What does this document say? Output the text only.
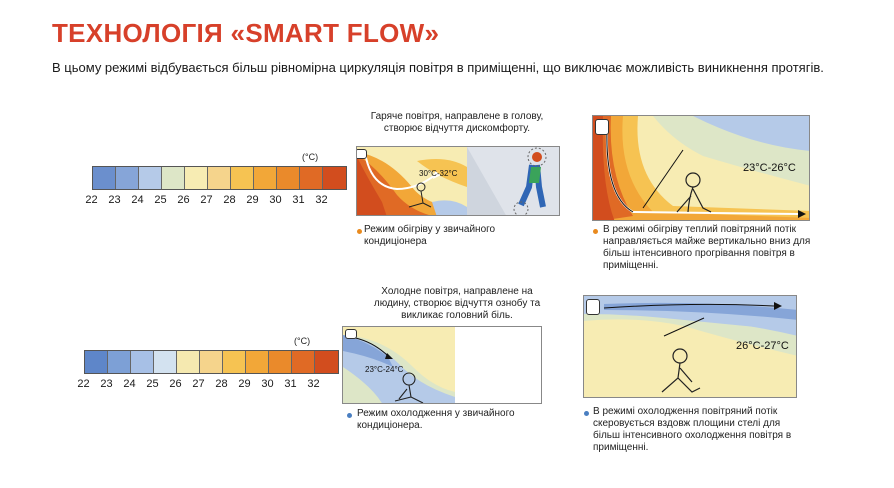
ТЕХНОЛОГІЯ «SMART FLOW»
В цьому режимі відбувається більш рівномірна циркуляція повітря в приміщенні, що виключає можливість виникнення протягів.
(°C)
22 23 24 25 26 27 28 29 30 31 32
(°C)
22 23 24 25 26 27 28 29 30 31 32
Гаряче повітря, направлене в голову, створює відчуття дискомфорту.
30°C-32°C
Режим обігріву у звичайного кондиціонера
23°C-26°C
В режимі обігріву теплий повітряний потік направляється майже вертикально вниз для більш інтенсивного прогрівання повітря в приміщенні.
Холодне повітря, направлене на людину, створює відчуття ознобу та викликає головний біль.
23°C-24°C
Режим охолодження у звичайного кондиціонера.
26°C-27°C
В режимі охолодження повітряний потік скеровується вздовж площини стелі для більш інтенсивного охолодження повітря в приміщенні.
